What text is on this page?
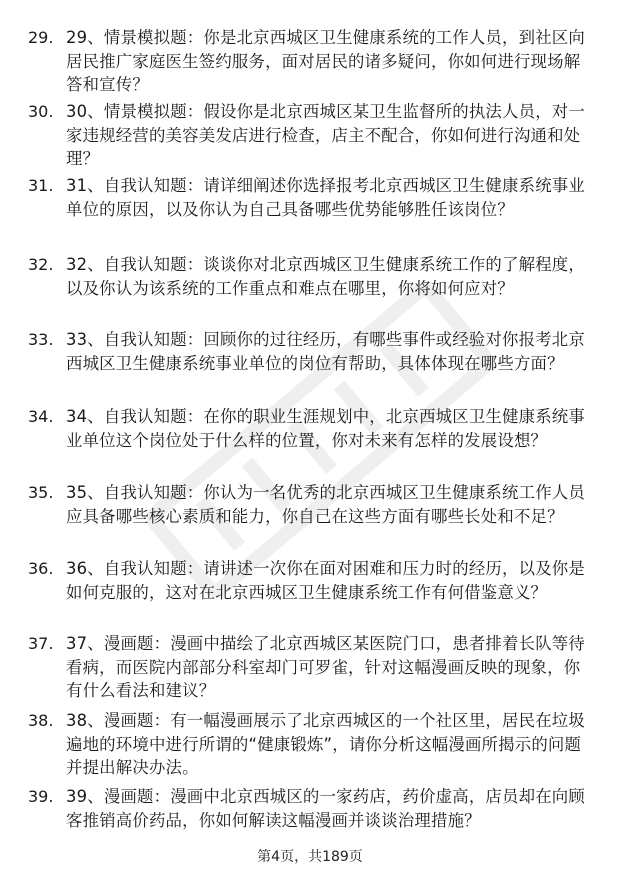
29. 29、情景模拟题：你是北京西城区卫生健康系统的工作人员，到社区向居民推广家庭医生签约服务，面对居民的诸多疑问，你如何进行现场解答和宣传？
30. 30、情景模拟题：假设你是北京西城区某卫生监督所的执法人员，对一家违规经营的美容美发店进行检查，店主不配合，你如何进行沟通和处理？
31. 31、自我认知题：请详细阐述你选择报考北京西城区卫生健康系统事业单位的原因，以及你认为自己具备哪些优势能够胜任该岗位？
32. 32、自我认知题：谈谈你对北京西城区卫生健康系统工作的了解程度，以及你认为该系统的工作重点和难点在哪里，你将如何应对？
33. 33、自我认知题：回顾你的过往经历，有哪些事件或经验对你报考北京西城区卫生健康系统事业单位的岗位有帮助，具体体现在哪些方面？
34. 34、自我认知题：在你的职业生涯规划中，北京西城区卫生健康系统事业单位这个岗位处于什么样的位置，你对未来有怎样的发展设想？
35. 35、自我认知题：你认为一名优秀的北京西城区卫生健康系统工作人员应具备哪些核心素质和能力，你自己在这些方面有哪些长处和不足？
36. 36、自我认知题：请讲述一次你在面对困难和压力时的经历，以及你是如何克服的，这对在北京西城区卫生健康系统工作有何借鉴意义？
37. 37、漫画题：漫画中描绘了北京西城区某医院门口，患者排着长队等待看病，而医院内部部分科室却门可罗雀，针对这幅漫画反映的现象，你有什么看法和建议？
38. 38、漫画题：有一幅漫画展示了北京西城区的一个社区里，居民在垃圾遍地的环境中进行所谓的“健康锻炼”，请你分析这幅漫画所揭示的问题并提出解决办法。
39. 39、漫画题：漫画中北京西城区的一家药店，药价虚高，店员却在向顾客推销高价药品，你如何解读这幅漫画并谈谈治理措施？
第4页，共189页
